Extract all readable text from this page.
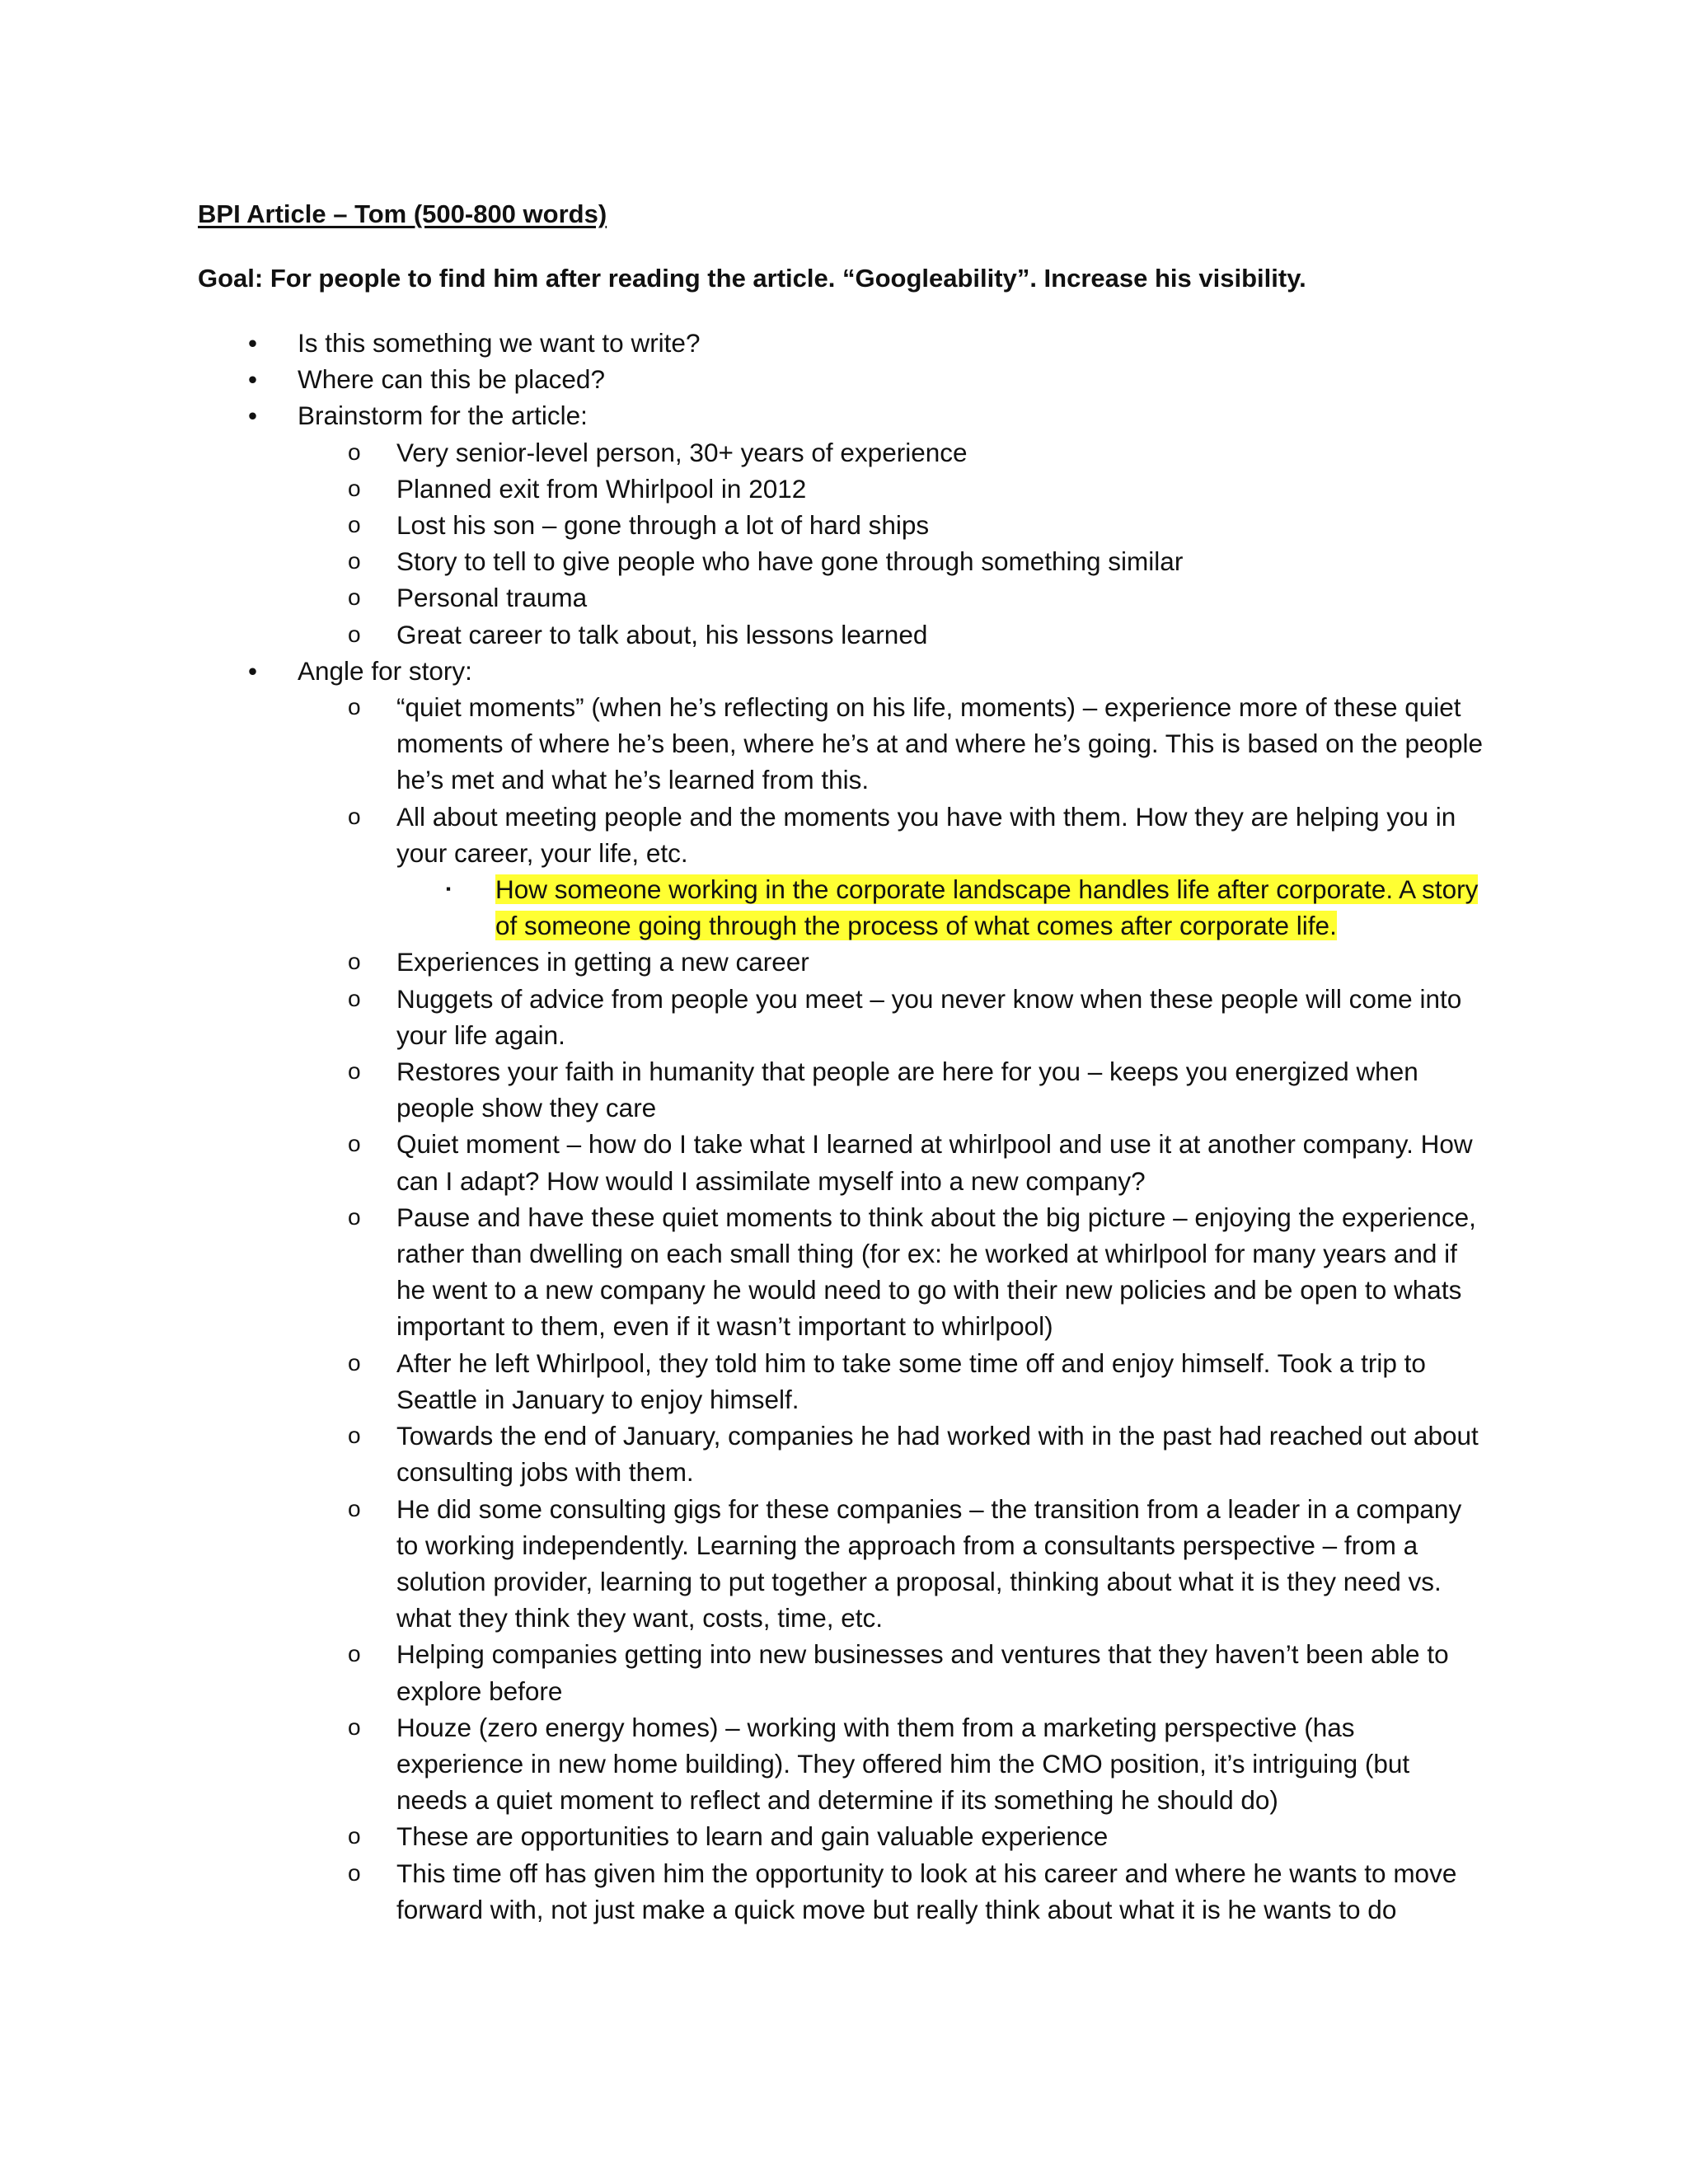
BPI Article – Tom (500-800 words)

Goal: For people to find him after reading the article. “Googleability”. Increase his visibility.

• Is this something we want to write?
• Where can this be placed?
• Brainstorm for the article:
o Very senior-level person, 30+ years of experience
o Planned exit from Whirlpool in 2012
o Lost his son – gone through a lot of hard ships
o Story to tell to give people who have gone through something similar
o Personal trauma
o Great career to talk about, his lessons learned
• Angle for story:
o “quiet moments” (when he’s reflecting on his life, moments) – experience more of these quiet moments of where he’s been, where he’s at and where he’s going. This is based on the people he’s met and what he’s learned from this.
o All about meeting people and the moments you have with them. How they are helping you in your career, your life, etc.
▪ How someone working in the corporate landscape handles life after corporate. A story of someone going through the process of what comes after corporate life.
o Experiences in getting a new career
o Nuggets of advice from people you meet – you never know when these people will come into your life again.
o Restores your faith in humanity that people are here for you – keeps you energized when people show they care
o Quiet moment – how do I take what I learned at whirlpool and use it at another company. How can I adapt? How would I assimilate myself into a new company?
o Pause and have these quiet moments to think about the big picture – enjoying the experience, rather than dwelling on each small thing (for ex: he worked at whirlpool for many years and if he went to a new company he would need to go with their new policies and be open to whats important to them, even if it wasn’t important to whirlpool)
o After he left Whirlpool, they told him to take some time off and enjoy himself. Took a trip to Seattle in January to enjoy himself.
o Towards the end of January, companies he had worked with in the past had reached out about consulting jobs with them.
o He did some consulting gigs for these companies – the transition from a leader in a company to working independently. Learning the approach from a consultants perspective – from a solution provider, learning to put together a proposal, thinking about what it is they need vs. what they think they want, costs, time, etc.
o Helping companies getting into new businesses and ventures that they haven’t been able to explore before
o Houze (zero energy homes) – working with them from a marketing perspective (has experience in new home building). They offered him the CMO position, it’s intriguing (but needs a quiet moment to reflect and determine if its something he should do)
o These are opportunities to learn and gain valuable experience
o This time off has given him the opportunity to look at his career and where he wants to move forward with, not just make a quick move but really think about what it is he wants to do
